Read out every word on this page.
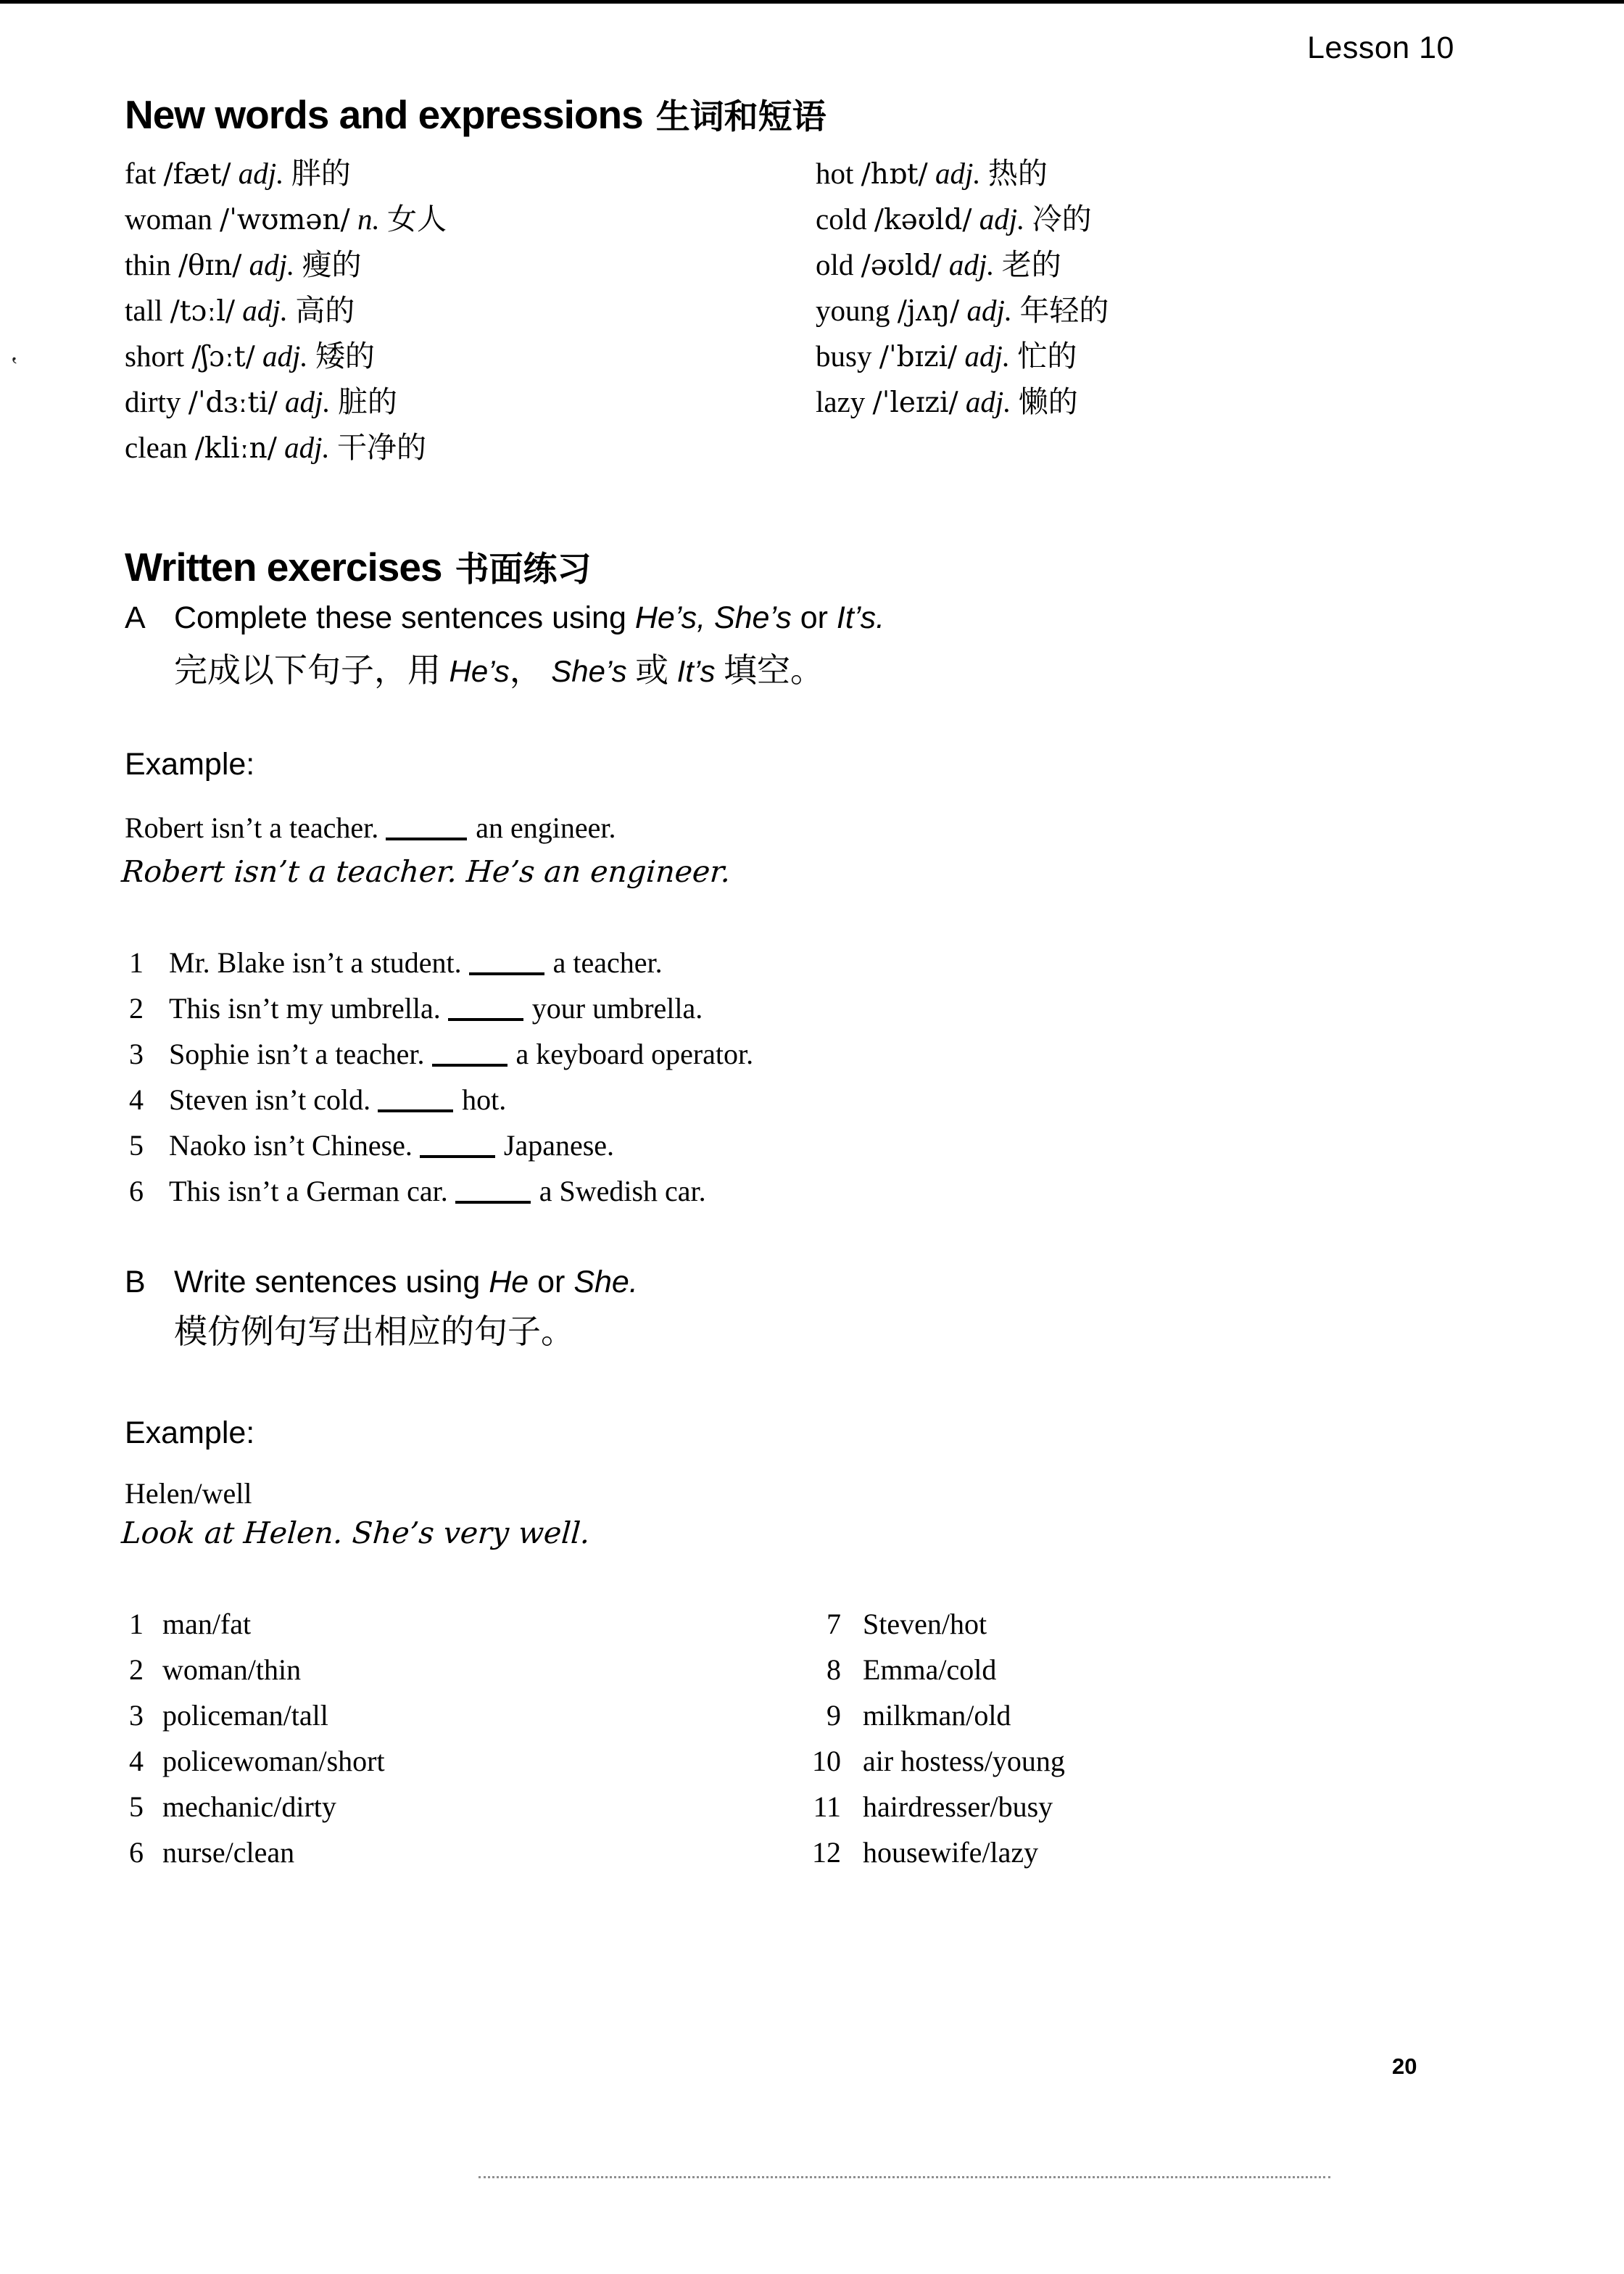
Lesson 10
New words and expressions 生词和短语
fat /fæt/ adj. 胖的
woman /ˈwʊmən/ n. 女人
thin /θɪn/ adj. 瘦的
tall /tɔːl/ adj. 高的
short /ʃɔːt/ adj. 矮的
dirty /ˈdɜːti/ adj. 脏的
clean /kliːn/ adj. 干净的
hot /hɒt/ adj. 热的
cold /kəʊld/ adj. 冷的
old /əʊld/ adj. 老的
young /jʌŋ/ adj. 年轻的
busy /ˈbɪzi/ adj. 忙的
lazy /ˈleɪzi/ adj. 懒的
Written exercises 书面练习
A Complete these sentences using He’s, She’s or It’s.
完成以下句子，用 He’s， She’s 或 It’s 填空。
Example:
Robert isn’t a teacher.	an engineer.
Robert isn’t a teacher. He’s an engineer.
1 Mr. Blake isn’t a student.	a teacher.
2 This isn’t my umbrella.	your umbrella.
3 Sophie isn’t a teacher.	a keyboard operator.
4 Steven isn’t cold.	hot.
5 Naoko isn’t Chinese.	Japanese.
6 This isn’t a German car.	a Swedish car.
B Write sentences using He or She.
模仿例句写出相应的句子。
Example:
Helen/well
Look at Helen. She’s very well.
1 man/fat
2 woman/thin
3 policeman/tall
4 policewoman/short
5 mechanic/dirty
6 nurse/clean
7 Steven/hot
8 Emma/cold
9 milkman/old
10 air hostess/young
11 hairdresser/busy
12 housewife/lazy
20
‛
